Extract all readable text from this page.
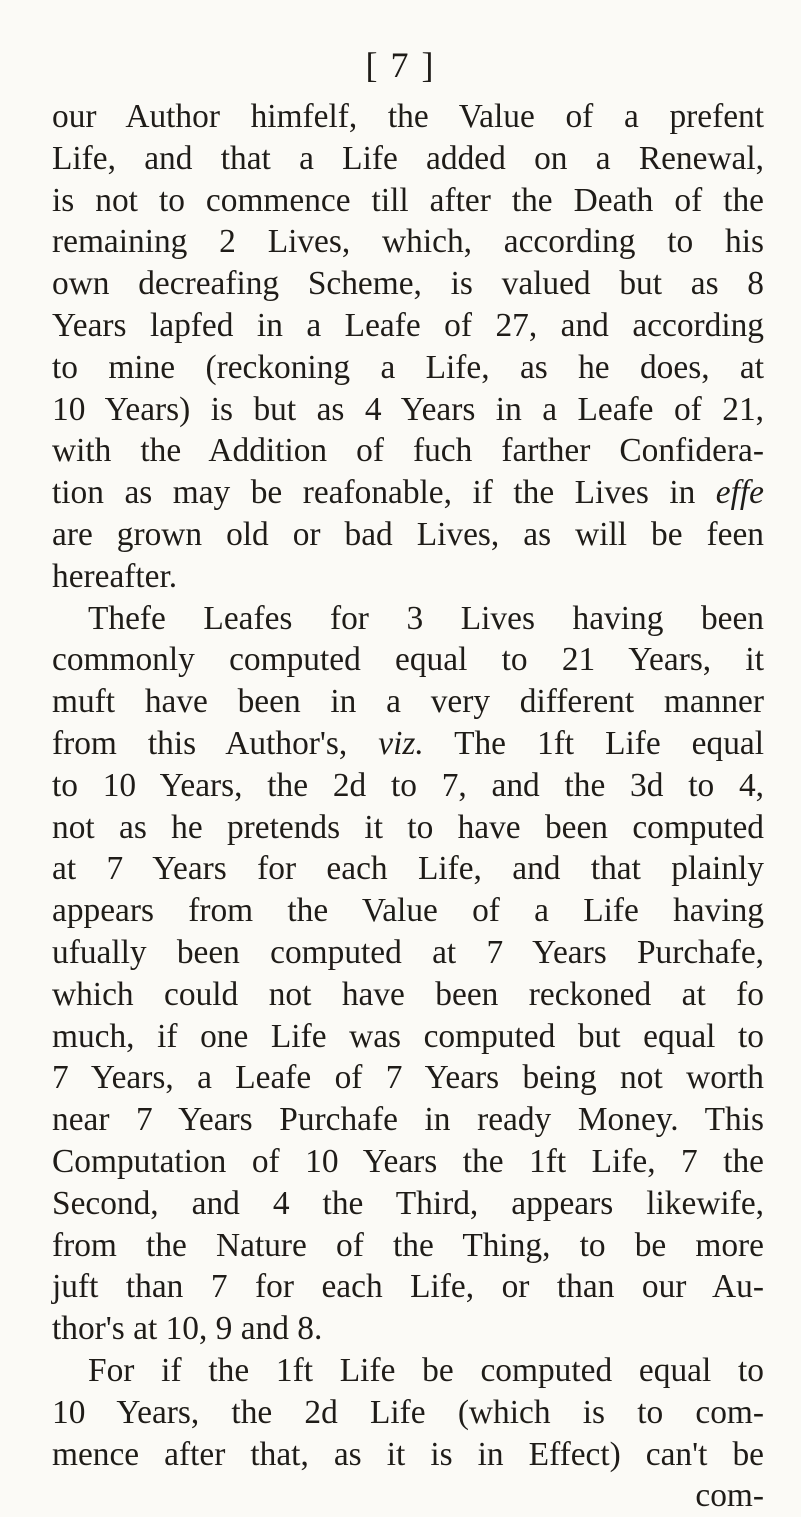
[ 7 ]
our Author himfelf, the Value of a prefent
Life, and that a Life added on a Renewal,
is not to commence till after the Death of the
remaining 2 Lives, which, according to his
own decreafing Scheme, is valued but as 8
Years lapfed in a Leafe of 27, and according
to mine (reckoning a Life, as he does, at
10 Years) is but as 4 Years in a Leafe of 21,
with the Addition of fuch farther Confidera-
tion as may be reafonable, if the Lives in effe
are grown old or bad Lives, as will be feen
hereafter.
Thefe Leafes for 3 Lives having been
commonly computed equal to 21 Years, it
muft have been in a very different manner
from this Author's, viz. The 1ft Life equal
to 10 Years, the 2d to 7, and the 3d to 4,
not as he pretends it to have been computed
at 7 Years for each Life, and that plainly
appears from the Value of a Life having
ufually been computed at 7 Years Purchafe,
which could not have been reckoned at fo
much, if one Life was computed but equal to
7 Years, a Leafe of 7 Years being not worth
near 7 Years Purchafe in ready Money. This
Computation of 10 Years the 1ft Life, 7 the
Second, and 4 the Third, appears likewife,
from the Nature of the Thing, to be more
juft than 7 for each Life, or than our Au-
thor's at 10, 9 and 8.
For if the 1ft Life be computed equal to
10 Years, the 2d Life (which is to com-
mence after that, as it is in Effect) can't be
com-
